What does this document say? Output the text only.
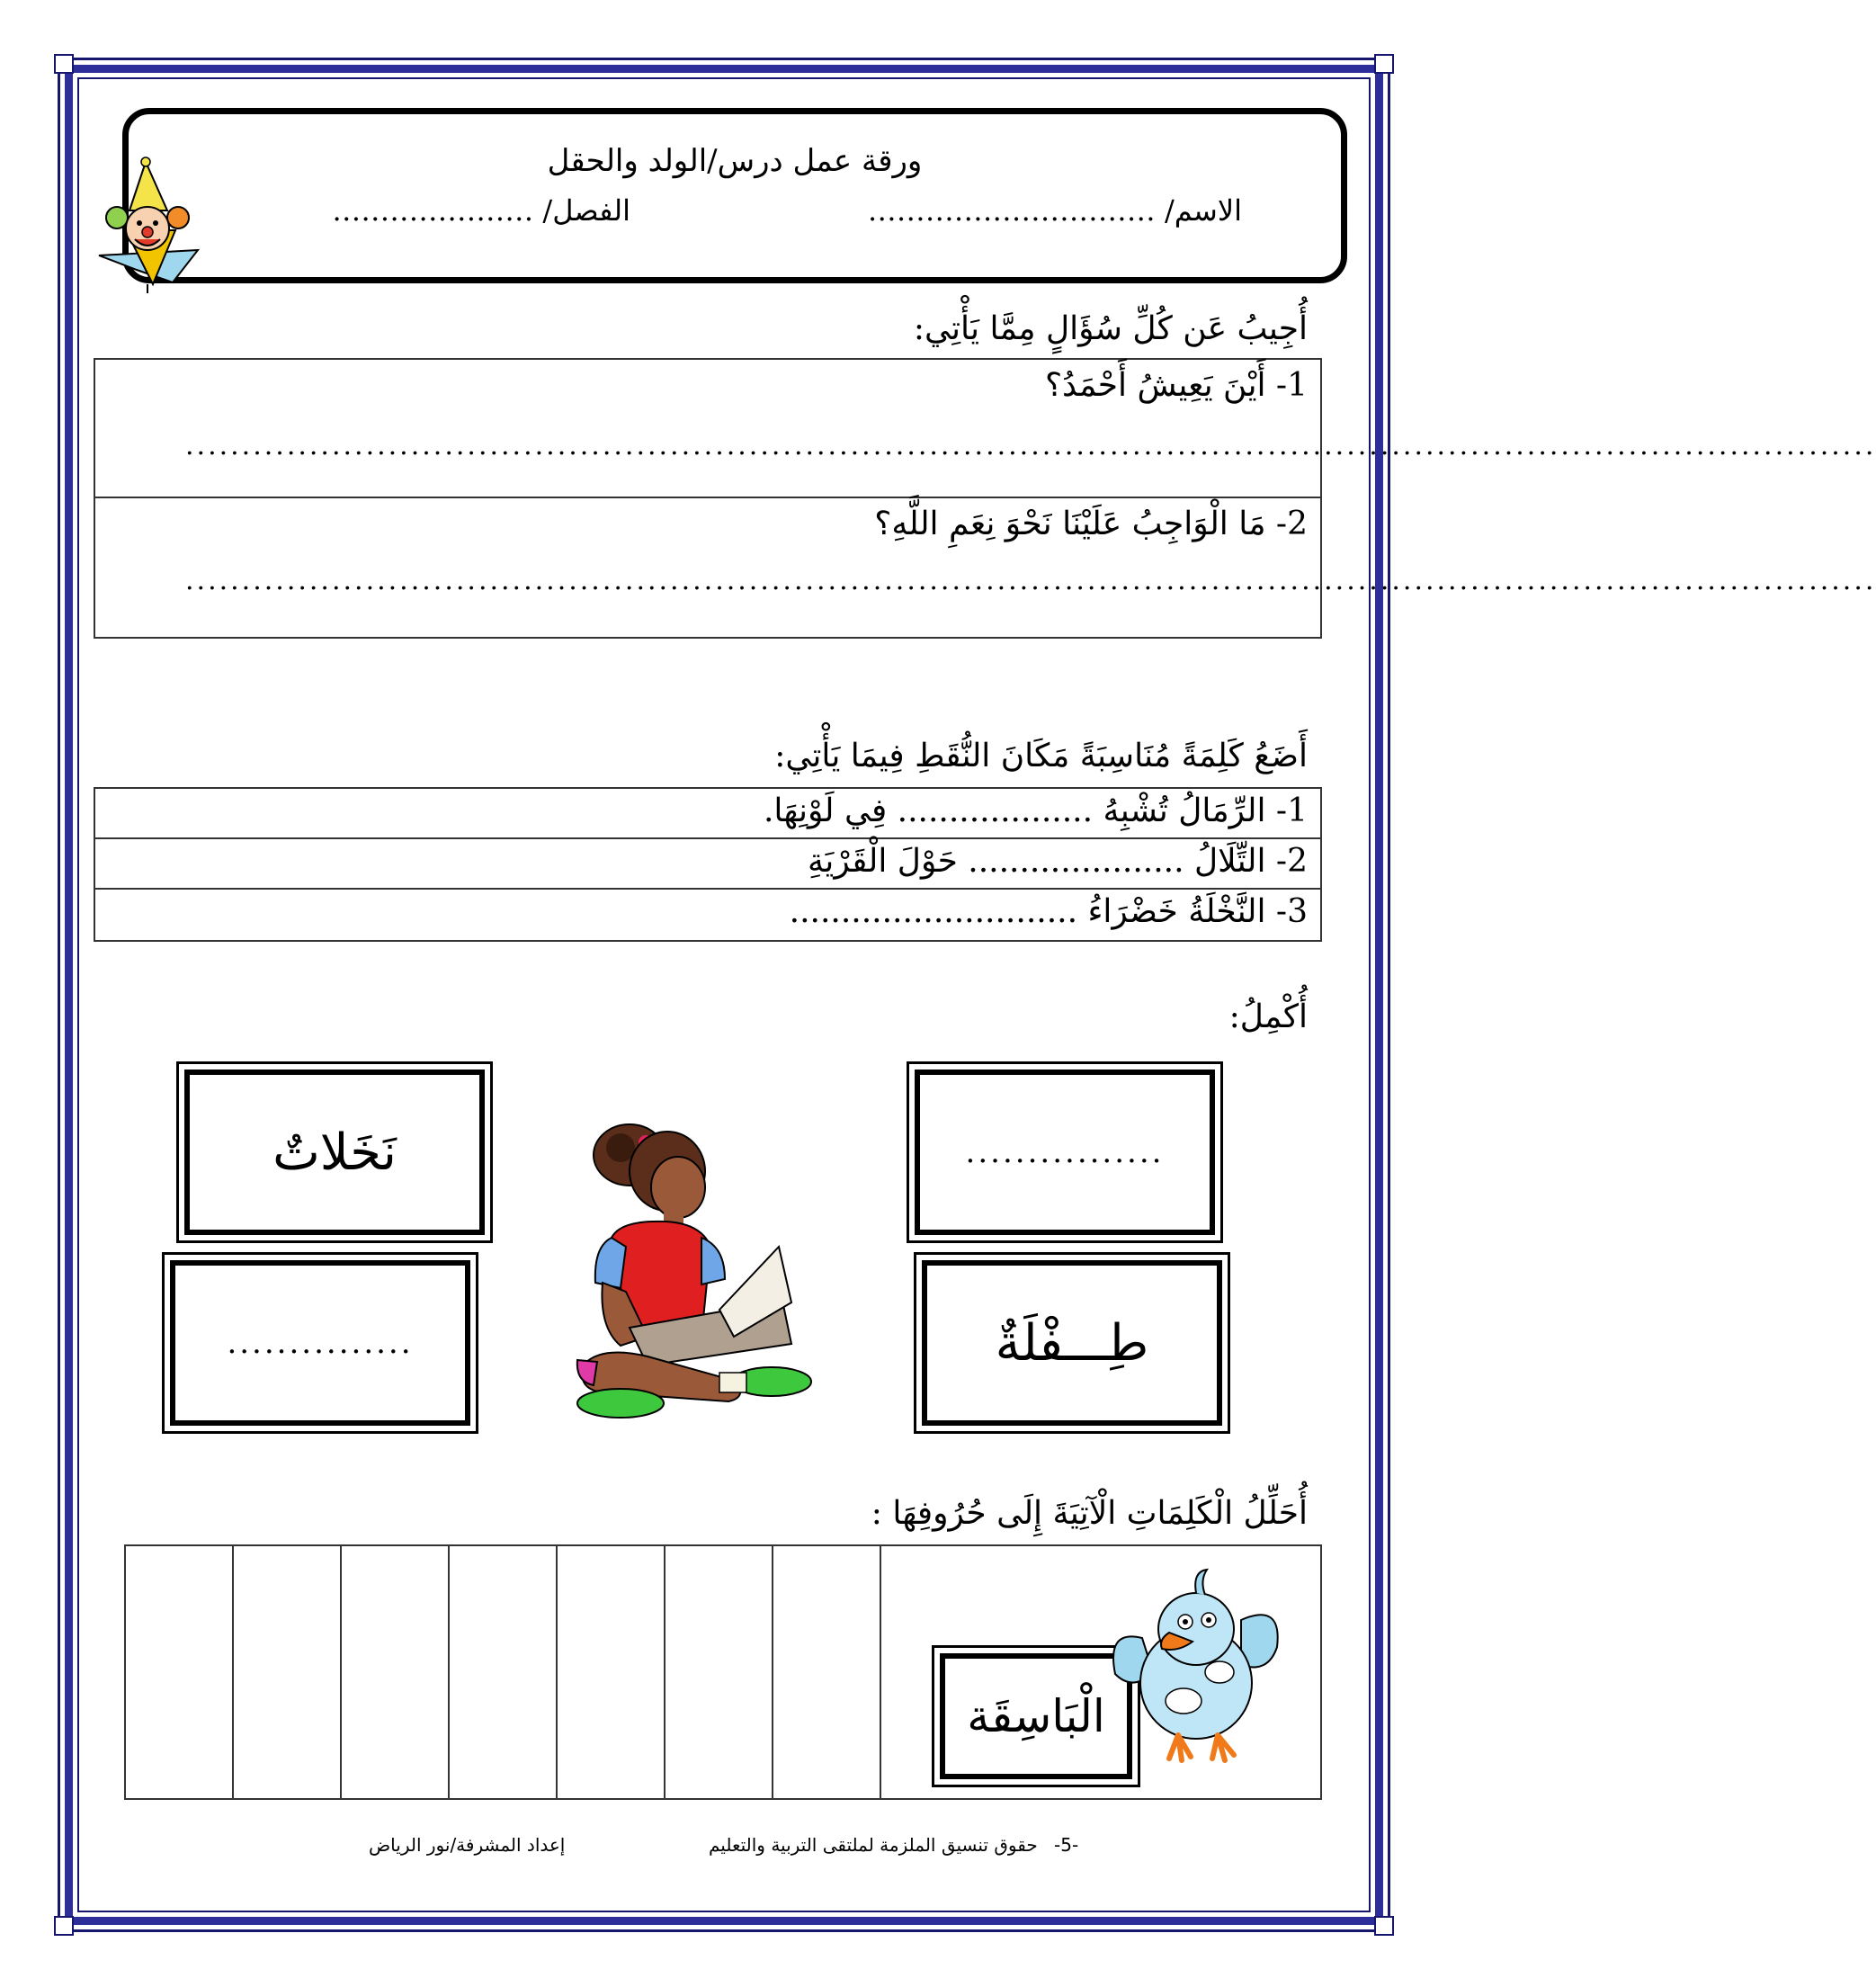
ورقة عمل درس/الولد والحقل
الاسم/ …………………………
الفصل/ …………………
أُجِيبُ عَن كُلِّ سُؤَالٍ مِمَّا يَأْتِي:
1- أَيْنَ يَعِيشُ أَحْمَدُ؟
......................................................................................................................................................
2- مَا الْوَاجِبُ عَلَيْنَا نَحْوَ نِعَمِ اللَّهِ؟
......................................................................................................................................................
أَضَعُ كَلِمَةً مُنَاسِبَةً مَكَانَ النُّقَطِ فِيمَا يَأْتِي:
1- الرِّمَالُ تُشْبِهُ ................... فِي لَوْنِهَا.
2- التِّلَالُ ..................... حَوْلَ الْقَرْيَةِ
3- النَّخْلَةُ خَضْرَاءُ ............................
أُكْمِلُ:
نَخَلاتٌ	................
...............	طِـــفْلَةٌ
أُحَلِّلُ الْكَلِمَاتِ الْآتِيَةَ إِلَى حُرُوفِهَا :
الْبَاسِقَة
-5-
حقوق تنسيق الملزمة لملتقى التربية والتعليم
إعداد المشرفة/نور الرياض
